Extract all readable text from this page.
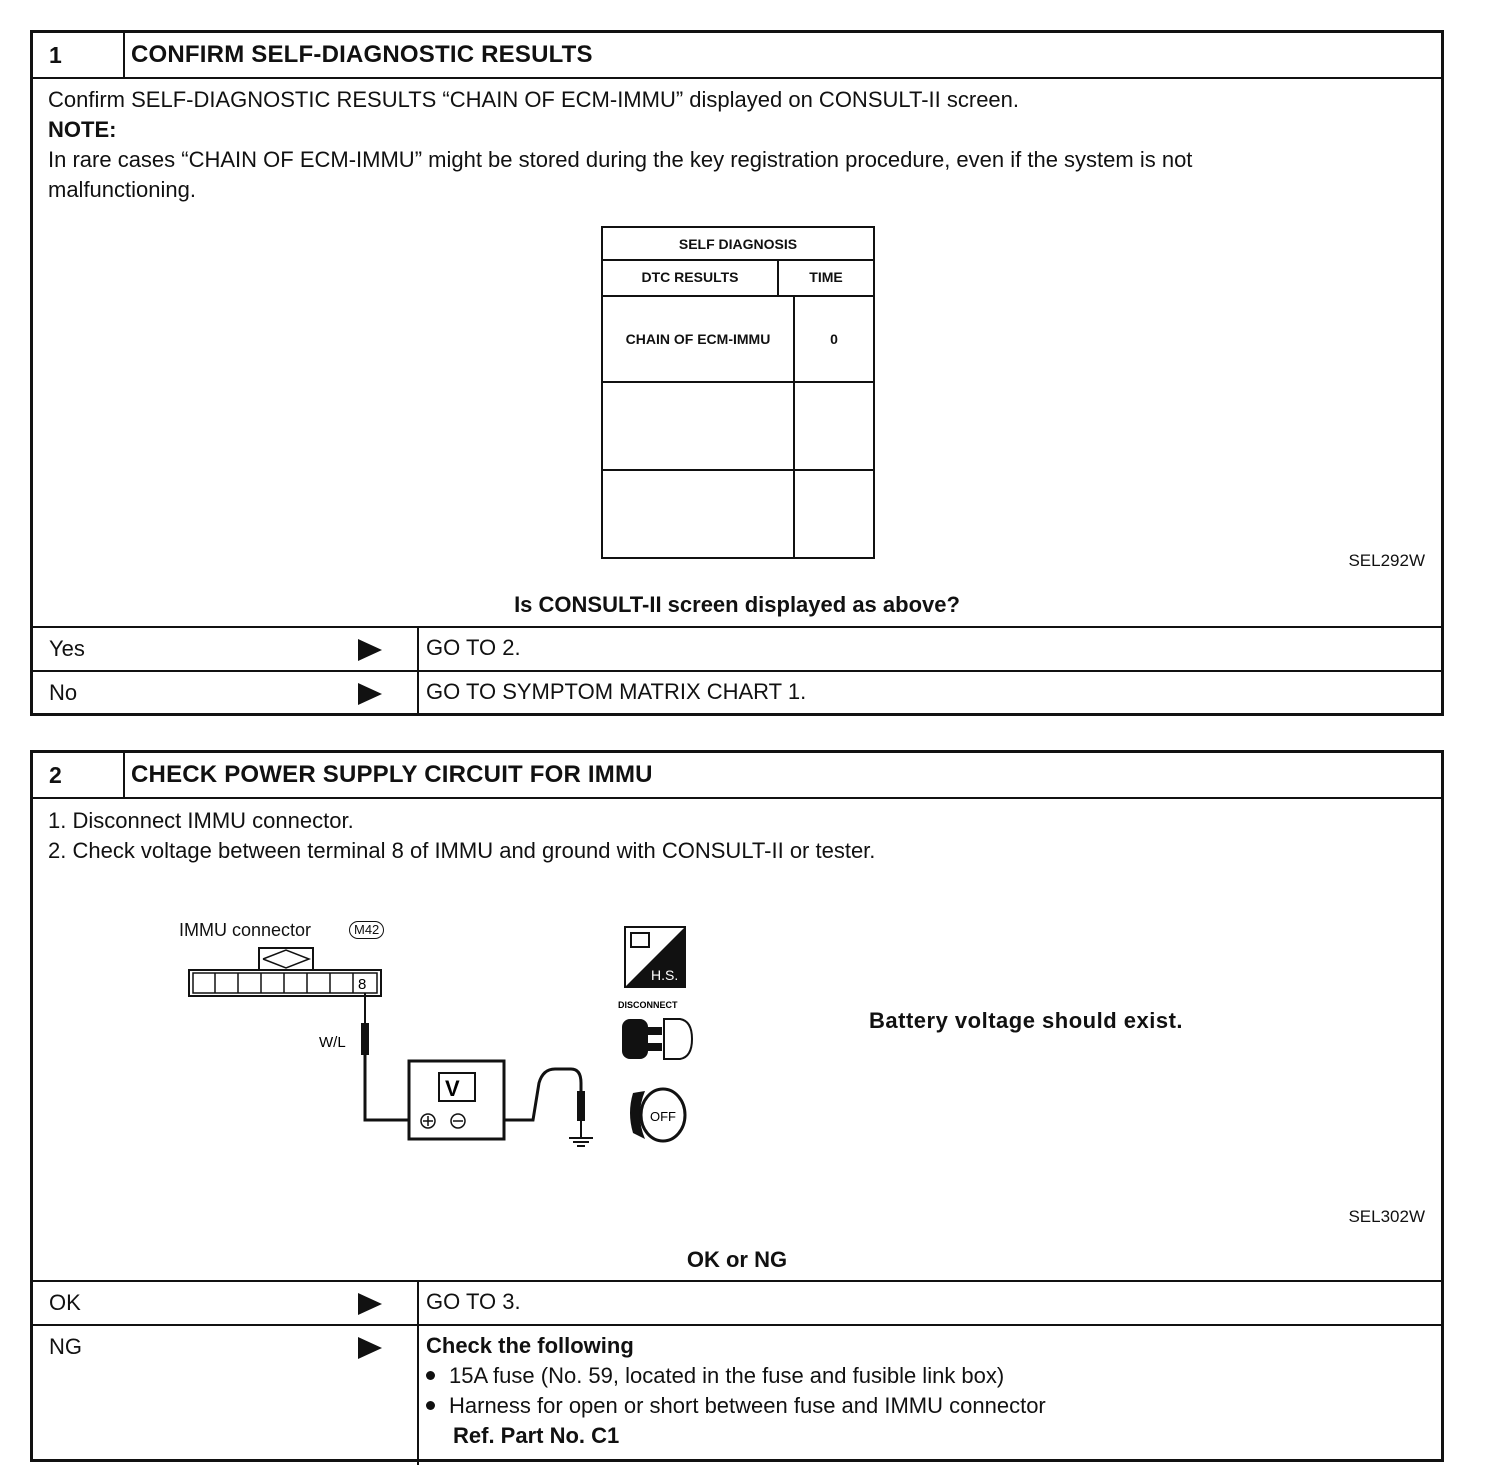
1	CONFIRM SELF-DIAGNOSTIC RESULTS
Confirm SELF-DIAGNOSTIC RESULTS “CHAIN OF ECM-IMMU” displayed on CONSULT-II screen.
NOTE:
In rare cases “CHAIN OF ECM-IMMU” might be stored during the key registration procedure, even if the system is not
malfunctioning.
SELF DIAGNOSIS
DTC RESULTS	TIME
CHAIN OF ECM-IMMU	0
SEL292W
Is CONSULT-II screen displayed as above?
Yes	GO TO 2.
No	GO TO SYMPTOM MATRIX CHART 1.
2	CHECK POWER SUPPLY CIRCUIT FOR IMMU
1. Disconnect IMMU connector.
2. Check voltage between terminal 8 of IMMU and ground with CONSULT-II or tester.
IMMU connector	M42
8
W/L
V
H.S.
DISCONNECT
OFF
Battery voltage should exist.
SEL302W
OK or NG
OK	GO TO 3.
NG	Check the following
15A fuse (No. 59, located in the fuse and fusible link box)
Harness for open or short between fuse and IMMU connector
Ref. Part No. C1
